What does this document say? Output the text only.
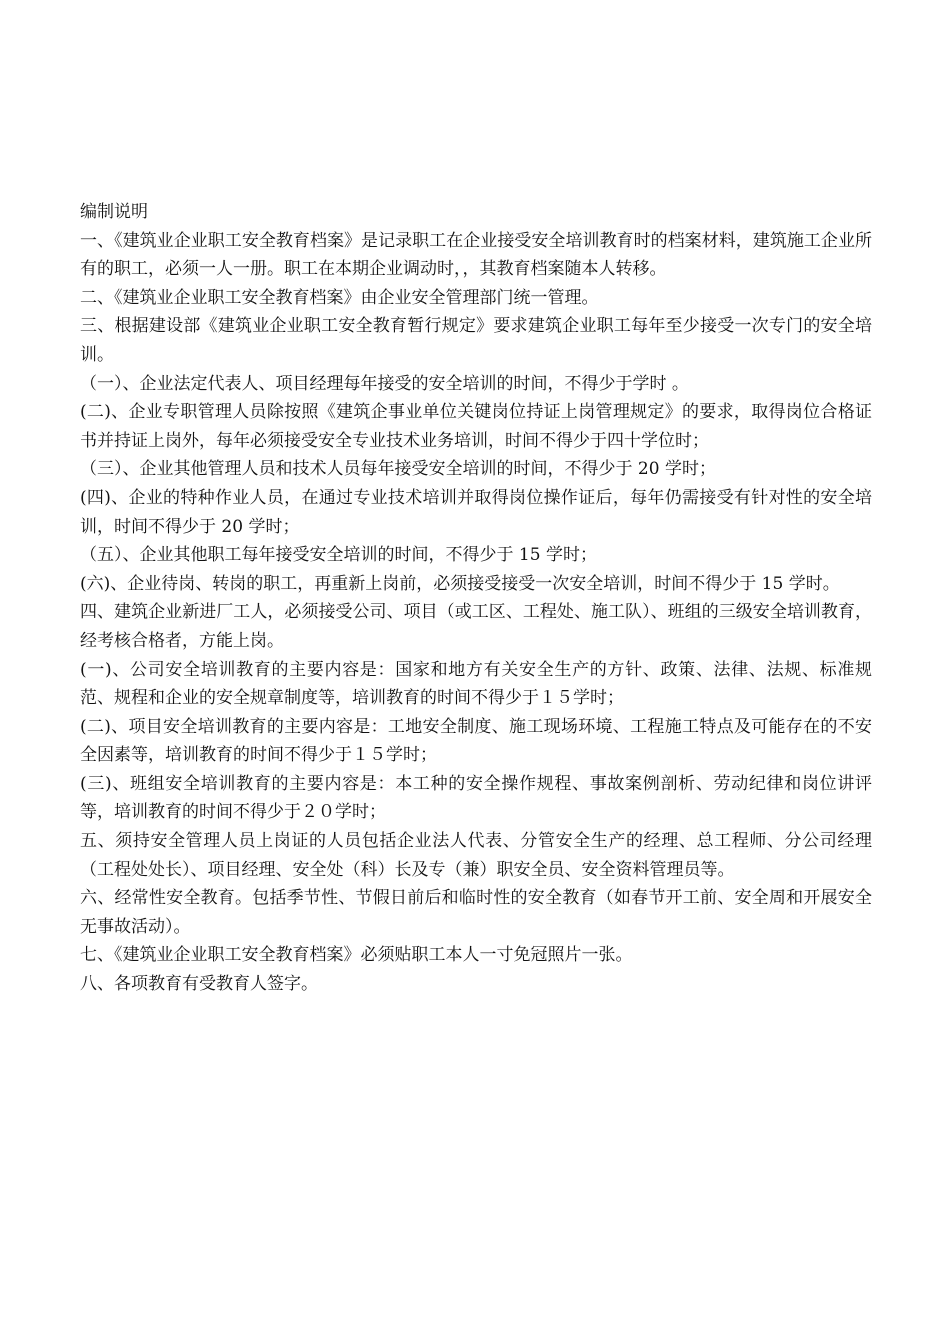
编制说明

一、《建筑业企业职工安全教育档案》是记录职工在企业接受安全培训教育时的档案材料，建筑施工企业所有的职工，必须一人一册。职工在本期企业调动时，，其教育档案随本人转移。

二、《建筑业企业职工安全教育档案》由企业安全管理部门统一管理。

三、根据建设部《建筑业企业职工安全教育暂行规定》要求建筑企业职工每年至少接受一次专门的安全培训。

（一）、企业法定代表人、项目经理每年接受的安全培训的时间，不得少于学时 。

(二)、企业专职管理人员除按照《建筑企事业单位关键岗位持证上岗管理规定》的要求，取得岗位合格证书并持证上岗外，每年必须接受安全专业技术业务培训，时间不得少于四十学位时；

（三）、企业其他管理人员和技术人员每年接受安全培训的时间，不得少于 20 学时；

(四)、企业的特种作业人员，在通过专业技术培训并取得岗位操作证后，每年仍需接受有针对性的安全培训，时间不得少于 20 学时；

（五）、企业其他职工每年接受安全培训的时间，不得少于 15 学时；

(六)、企业待岗、转岗的职工，再重新上岗前，必须接受接受一次安全培训，时间不得少于 15 学时。

四、建筑企业新进厂工人，必须接受公司、项目（或工区、工程处、施工队）、班组的三级安全培训教育，经考核合格者，方能上岗。

(一)、公司安全培训教育的主要内容是：国家和地方有关安全生产的方针、政策、法律、法规、标准规范、规程和企业的安全规章制度等，培训教育的时间不得少于１５学时；

(二)、项目安全培训教育的主要内容是：工地安全制度、施工现场环境、工程施工特点及可能存在的不安全因素等，培训教育的时间不得少于１５学时；

(三)、班组安全培训教育的主要内容是：本工种的安全操作规程、事故案例剖析、劳动纪律和岗位讲评等，培训教育的时间不得少于２０学时；

五、须持安全管理人员上岗证的人员包括企业法人代表、分管安全生产的经理、总工程师、分公司经理（工程处处长）、项目经理、安全处（科）长及专（兼）职安全员、安全资料管理员等。

六、经常性安全教育。包括季节性、节假日前后和临时性的安全教育（如春节开工前、安全周和开展安全无事故活动）。

七、《建筑业企业职工安全教育档案》必须贴职工本人一寸免冠照片一张。

八、各项教育有受教育人签字。
